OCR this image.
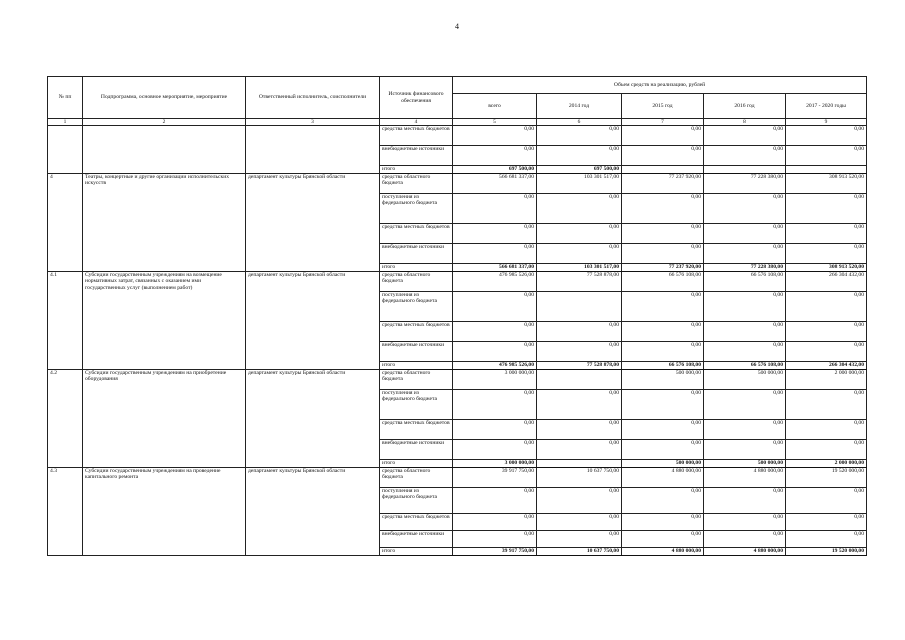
4
№ пп	Подпрограмма, основное мероприятие, мероприятие	Ответственный исполнитель, соисполнители	Источник финансового обеспечения	Объем средств на реализацию, рублей				
				всего	2014 год	2015 год	2016 год	2017 - 2020 годы
1	2	3	4	5	6	7	8	9
			средства местных бюджетов	0,00	0,00	0,00	0,00	0,00
			внебюджетные источники	0,00	0,00	0,00	0,00	0,00
			итого	697 500,00	697 500,00			
4	Театры, концертные и другие организации исполнительских искусств	департамент культуры Брянской области	средства областного бюджета	566 681 337,00	103 301 517,00	77 237 920,00	77 228 380,00	308 913 520,00
			поступления из федерального бюджета	0,00	0,00	0,00	0,00	0,00
			средства местных бюджетов	0,00	0,00	0,00	0,00	0,00
			внебюджетные источники	0,00	0,00	0,00	0,00	0,00
			итого	566 681 337,00	103 301 517,00	77 237 920,00	77 228 380,00	308 913 520,00
4.1	Субсидии государственным учреждениям на возмещение нормативных затрат, связанных с оказанием ими государственных услуг (выполнением работ)	департамент культуры Брянской области	средства областного бюджета	476 985 526,00	77 528 878,00	66 576 108,00	66 576 108,00	266 304 432,00
			поступления из федерального бюджета	0,00		0,00	0,00	0,00
			средства местных бюджетов	0,00	0,00	0,00	0,00	0,00
			внебюджетные источники	0,00	0,00	0,00	0,00	0,00
			итого	476 985 526,00	77 528 878,00	66 576 108,00	66 576 108,00	266 304 432,00
4.2	Субсидии государственным учреждениям на приобретение оборудования	департамент культуры Брянской области	средства областного бюджета	3 000 000,00		500 000,00	500 000,00	2 000 000,00
			поступления из федерального бюджета	0,00	0,00	0,00	0,00	0,00
			средства местных бюджетов	0,00	0,00	0,00	0,00	0,00
			внебюджетные источники	0,00	0,00	0,00	0,00	0,00
			итого	3 000 000,00		500 000,00	500 000,00	2 000 000,00
4.3	Субсидии государственным учреждениям на проведение капитального ремонта	департамент культуры Брянской области	средства областного бюджета	39 917 750,00	10 637 750,00	4 880 000,00	4 880 000,00	19 520 000,00
			поступления из федерального бюджета	0,00	0,00	0,00	0,00	0,00
			средства местных бюджетов	0,00	0,00	0,00	0,00	0,00
			внебюджетные источники	0,00	0,00	0,00	0,00	0,00
			итого	39 917 750,00	10 637 750,00	4 880 000,00	4 880 000,00	19 520 000,00
